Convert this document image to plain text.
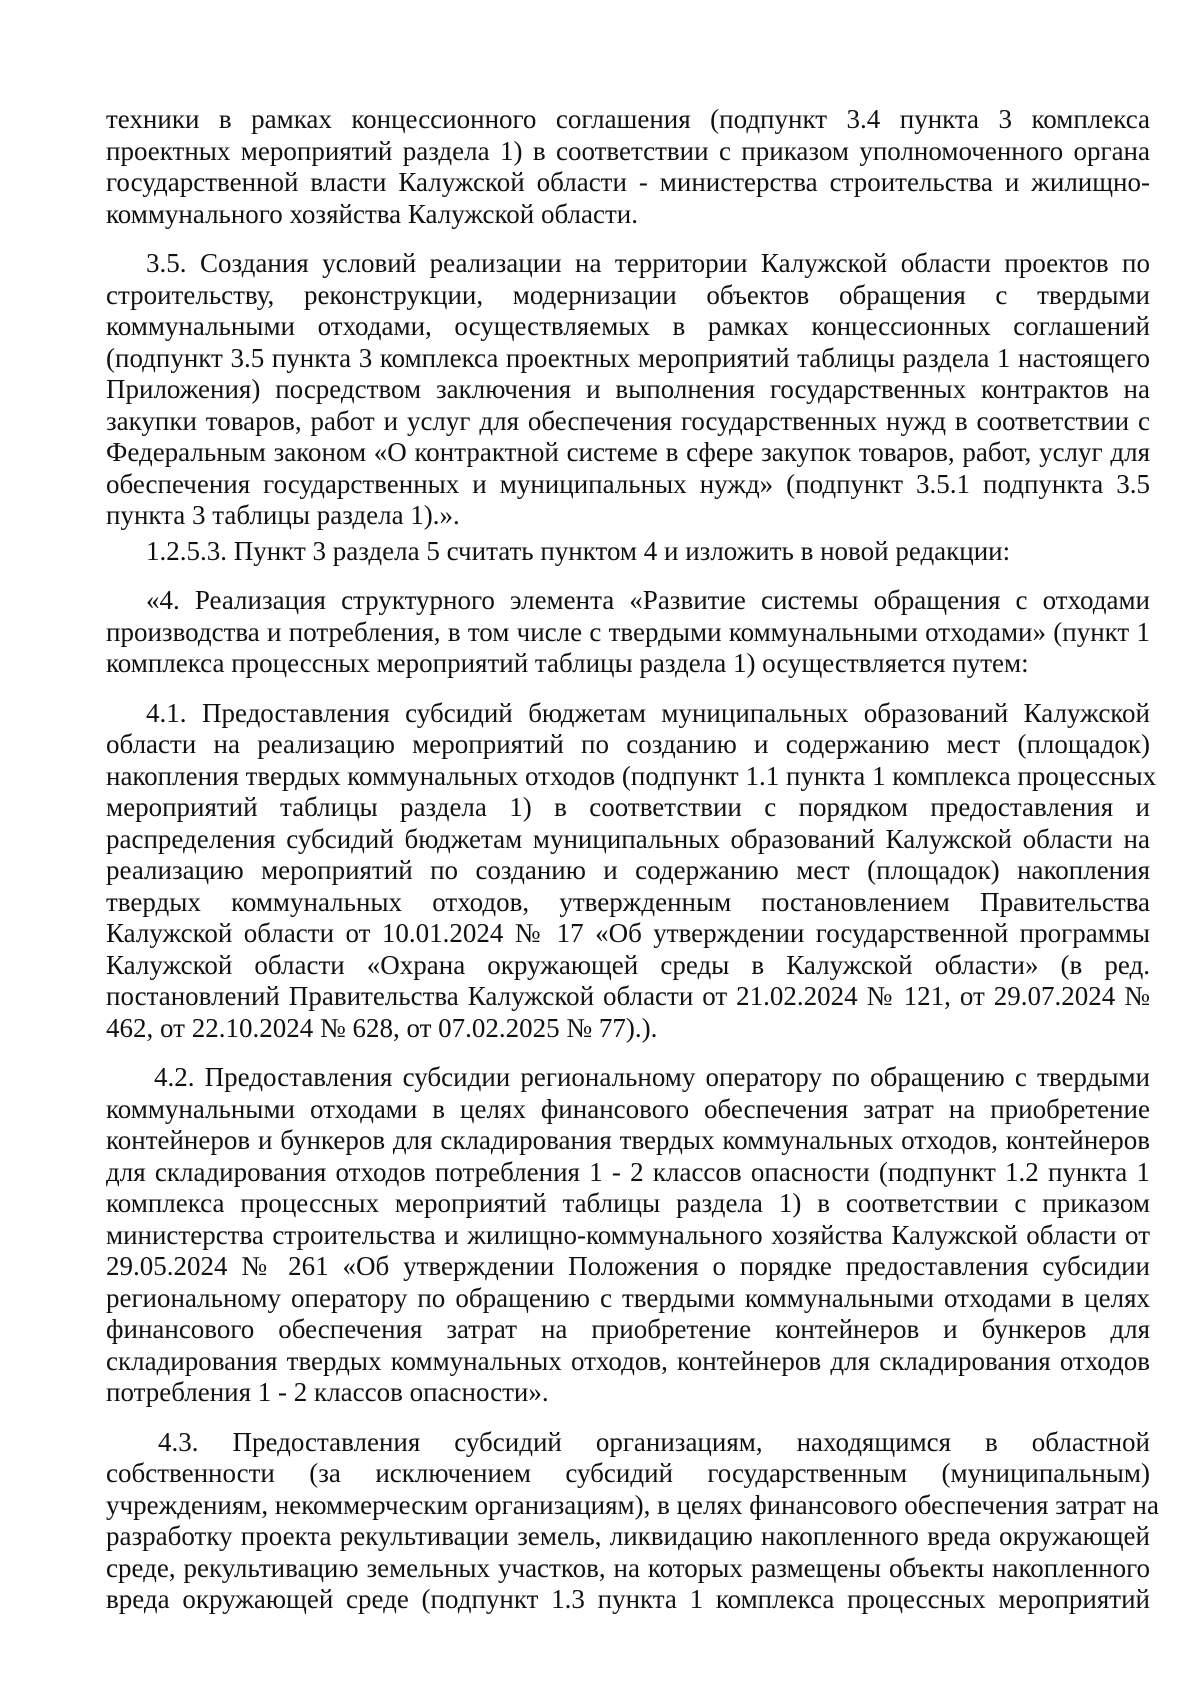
техники в рамках концессионного соглашения (подпункт 3.4 пункта 3 комплекса
проектных мероприятий раздела 1) в соответствии с приказом уполномоченного органа
государственной власти Калужской области - министерства строительства и жилищно-
коммунального хозяйства Калужской области.
3.5. Создания условий реализации на территории Калужской области проектов по
строительству, реконструкции, модернизации объектов обращения с твердыми
коммунальными отходами, осуществляемых в рамках концессионных соглашений
(подпункт 3.5 пункта 3 комплекса проектных мероприятий таблицы раздела 1 настоящего
Приложения) посредством заключения и выполнения государственных контрактов на
закупки товаров, работ и услуг для обеспечения государственных нужд в соответствии с
Федеральным законом «О контрактной системе в сфере закупок товаров, работ, услуг для
обеспечения государственных и муниципальных нужд» (подпункт 3.5.1 подпункта 3.5
пункта 3 таблицы раздела 1).».
1.2.5.3. Пункт 3 раздела 5 считать пунктом 4 и изложить в новой редакции:
«4. Реализация структурного элемента «Развитие системы обращения с отходами
производства и потребления, в том числе с твердыми коммунальными отходами» (пункт 1
комплекса процессных мероприятий таблицы раздела 1) осуществляется путем:
4.1. Предоставления субсидий бюджетам муниципальных образований Калужской
области на реализацию мероприятий по созданию и содержанию мест (площадок)
накопления твердых коммунальных отходов (подпункт 1.1 пункта 1 комплекса процессных
мероприятий таблицы раздела 1) в соответствии с порядком предоставления и
распределения субсидий бюджетам муниципальных образований Калужской области на
реализацию мероприятий по созданию и содержанию мест (площадок) накопления
твердых коммунальных отходов, утвержденным постановлением Правительства
Калужской области от 10.01.2024 № 17 «Об утверждении государственной программы
Калужской области «Охрана окружающей среды в Калужской области» (в ред.
постановлений Правительства Калужской области от 21.02.2024 № 121, от 29.07.2024 №
462, от 22.10.2024 № 628, от 07.02.2025 № 77).).
4.2. Предоставления субсидии региональному оператору по обращению с твердыми
коммунальными отходами в целях финансового обеспечения затрат на приобретение
контейнеров и бункеров для складирования твердых коммунальных отходов, контейнеров
для складирования отходов потребления 1 - 2 классов опасности (подпункт 1.2 пункта 1
комплекса процессных мероприятий таблицы раздела 1) в соответствии с приказом
министерства строительства и жилищно-коммунального хозяйства Калужской области от
29.05.2024 № 261 «Об утверждении Положения о порядке предоставления субсидии
региональному оператору по обращению с твердыми коммунальными отходами в целях
финансового обеспечения затрат на приобретение контейнеров и бункеров для
складирования твердых коммунальных отходов, контейнеров для складирования отходов
потребления 1 - 2 классов опасности».
4.3. Предоставления субсидий организациям, находящимся в областной
собственности (за исключением субсидий государственным (муниципальным)
учреждениям, некоммерческим организациям), в целях финансового обеспечения затрат на
разработку проекта рекультивации земель, ликвидацию накопленного вреда окружающей
среде, рекультивацию земельных участков, на которых размещены объекты накопленного
вреда окружающей среде (подпункт 1.3 пункта 1 комплекса процессных мероприятий
